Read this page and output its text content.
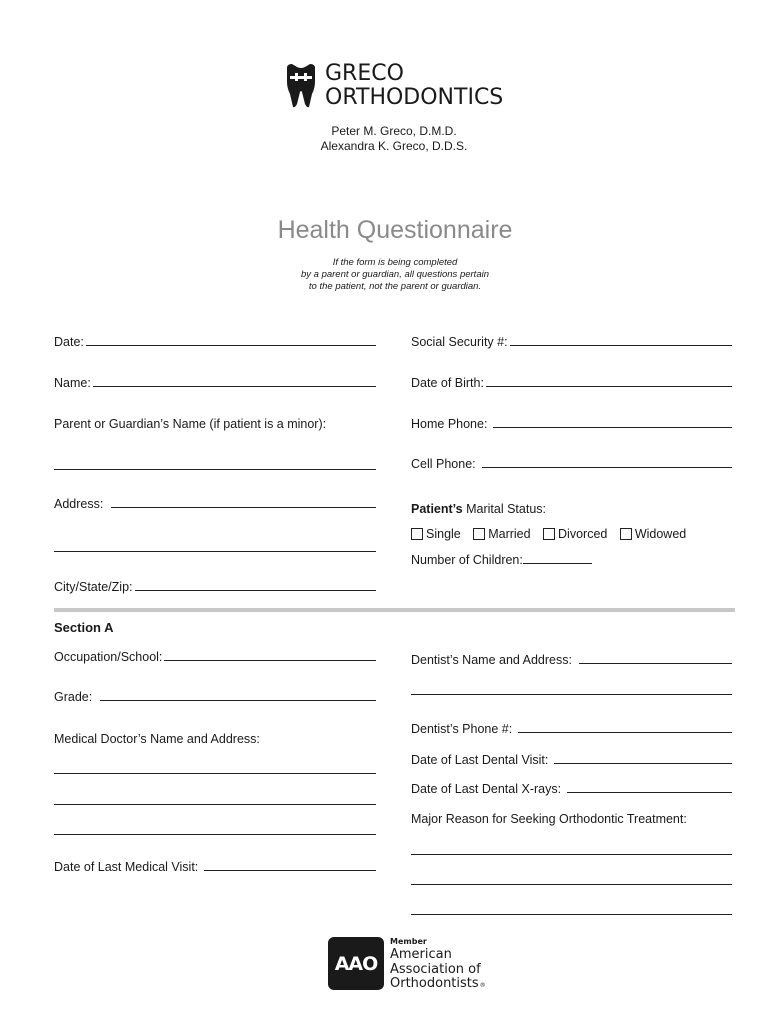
GRECO
ORTHODONTICS
Peter M. Greco, D.M.D.
Alexandra K. Greco, D.D.S.
Health Questionnaire
If the form is being completed
by a parent or guardian, all questions pertain
to the patient, not the parent or guardian.
Date:
Name:
Parent or Guardian’s Name (if patient is a minor):
Address:
City/State/Zip:
Social Security #:
Date of Birth:
Home Phone:
Cell Phone:
Patient’s Marital Status:
Single
Married
Divorced
Widowed
Number of Children:
Section A
Occupation/School:
Grade:
Medical Doctor’s Name and Address:
Date of Last Medical Visit:
Dentist’s Name and Address:
Dentist’s Phone #:
Date of Last Dental Visit:
Date of Last Dental X-rays:
Major Reason for Seeking Orthodontic Treatment:
AAO
Member
American
Association of
Orthodontists®
